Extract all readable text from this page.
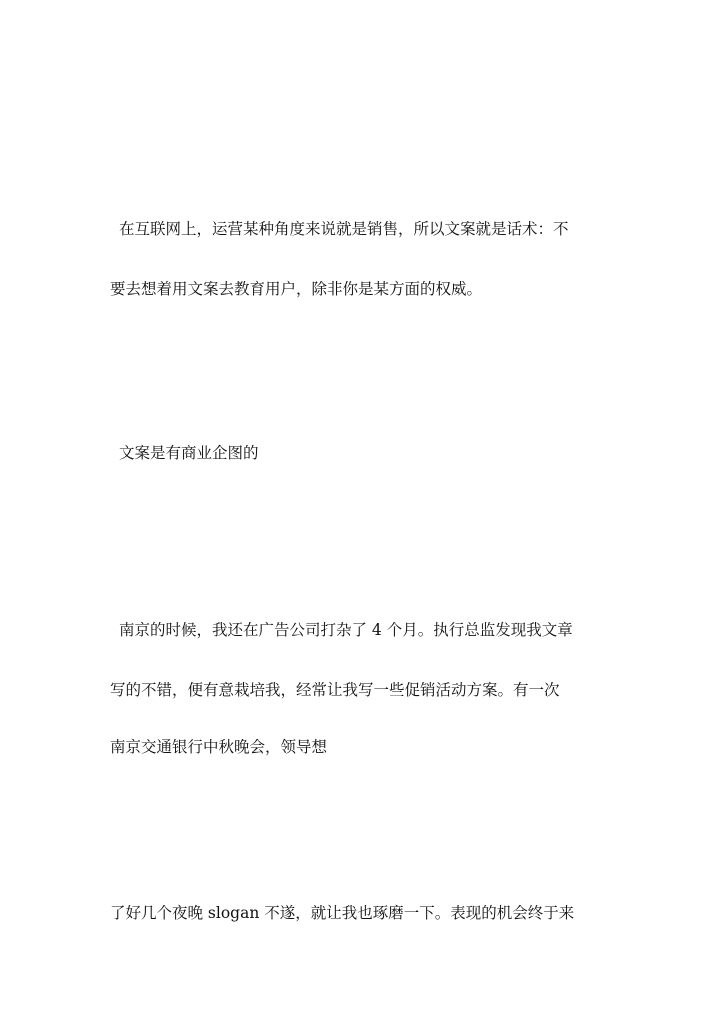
在互联网上，运营某种角度来说就是销售，所以文案就是话术：不

要去想着用文案去教育用户，除非你是某方面的权威。

文案是有商业企图的

南京的时候，我还在广告公司打杂了 4 个月。执行总监发现我文章

写的不错，便有意栽培我，经常让我写一些促销活动方案。有一次

南京交通银行中秋晚会，领导想

了好几个夜晚 slogan 不遂，就让我也琢磨一下。表现的机会终于来
